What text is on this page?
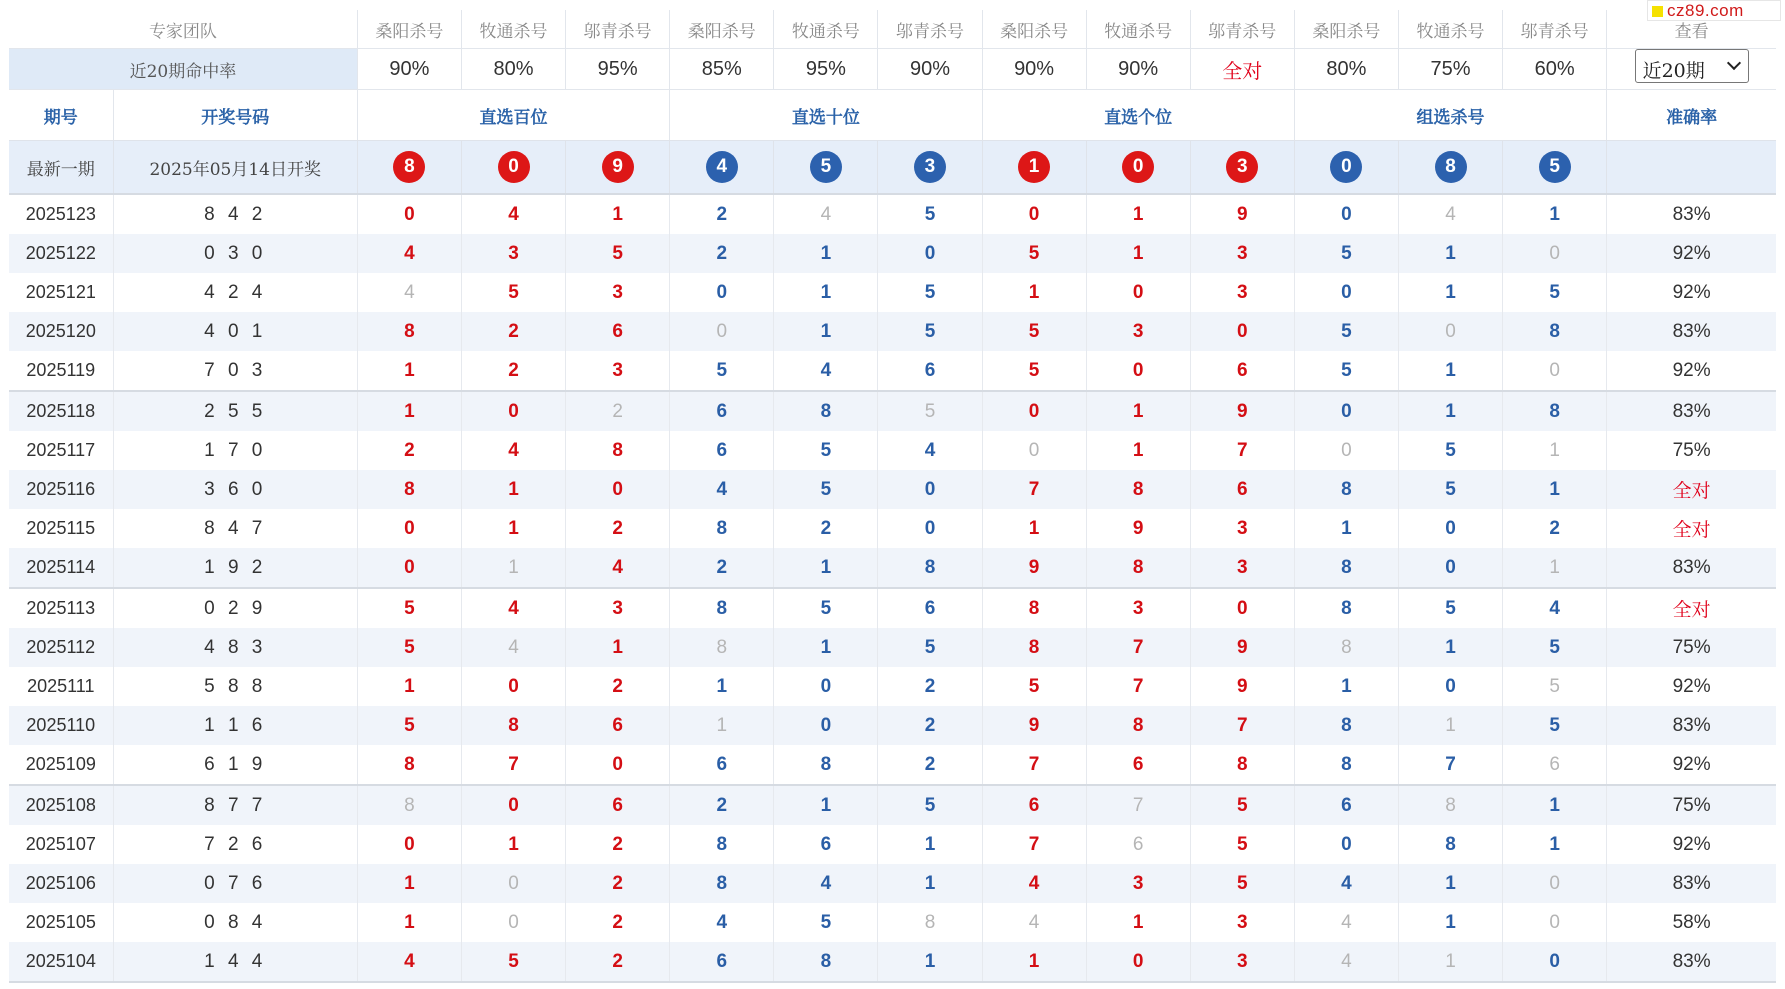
cz89.com
专家团队		桑阳杀号	牧通杀号	邬青杀号	桑阳杀号	牧通杀号	邬青杀号	桑阳杀号	牧通杀号	邬青杀号	桑阳杀号	牧通杀号	邬青杀号	查看
近20期命中率		90%	80%	95%	85%	95%	90%	90%	90%	全对	80%	75%	60%	近20期

期号	开奖号码	直选百位			直选十位			直选个位			组选杀号			准确率
最新一期	2025年05月14日开奖	8	0	9	4	5	3	1	0	3	0	8	5	
2025123	8 4 2	0	4	1	2	4	5	0	1	9	0	4	1	83%
2025122	0 3 0	4	3	5	2	1	0	5	1	3	5	1	0	92%
2025121	4 2 4	4	5	3	0	1	5	1	0	3	0	1	5	92%
2025120	4 0 1	8	2	6	0	1	5	5	3	0	5	0	8	83%
2025119	7 0 3	1	2	3	5	4	6	5	0	6	5	1	0	92%
2025118	2 5 5	1	0	2	6	8	5	0	1	9	0	1	8	83%
2025117	1 7 0	2	4	8	6	5	4	0	1	7	0	5	1	75%
2025116	3 6 0	8	1	0	4	5	0	7	8	6	8	5	1	全对
2025115	8 4 7	0	1	2	8	2	0	1	9	3	1	0	2	全对
2025114	1 9 2	0	1	4	2	1	8	9	8	3	8	0	1	83%
2025113	0 2 9	5	4	3	8	5	6	8	3	0	8	5	4	全对
2025112	4 8 3	5	4	1	8	1	5	8	7	9	8	1	5	75%
2025111	5 8 8	1	0	2	1	0	2	5	7	9	1	0	5	92%
2025110	1 1 6	5	8	6	1	0	2	9	8	7	8	1	5	83%
2025109	6 1 9	8	7	0	6	8	2	7	6	8	8	7	6	92%
2025108	8 7 7	8	0	6	2	1	5	6	7	5	6	8	1	75%
2025107	7 2 6	0	1	2	8	6	1	7	6	5	0	8	1	92%
2025106	0 7 6	1	0	2	8	4	1	4	3	5	4	1	0	83%
2025105	0 8 4	1	0	2	4	5	8	4	1	3	4	1	0	58%
2025104	1 4 4	4	5	2	6	8	1	1	0	3	4	1	0	83%
